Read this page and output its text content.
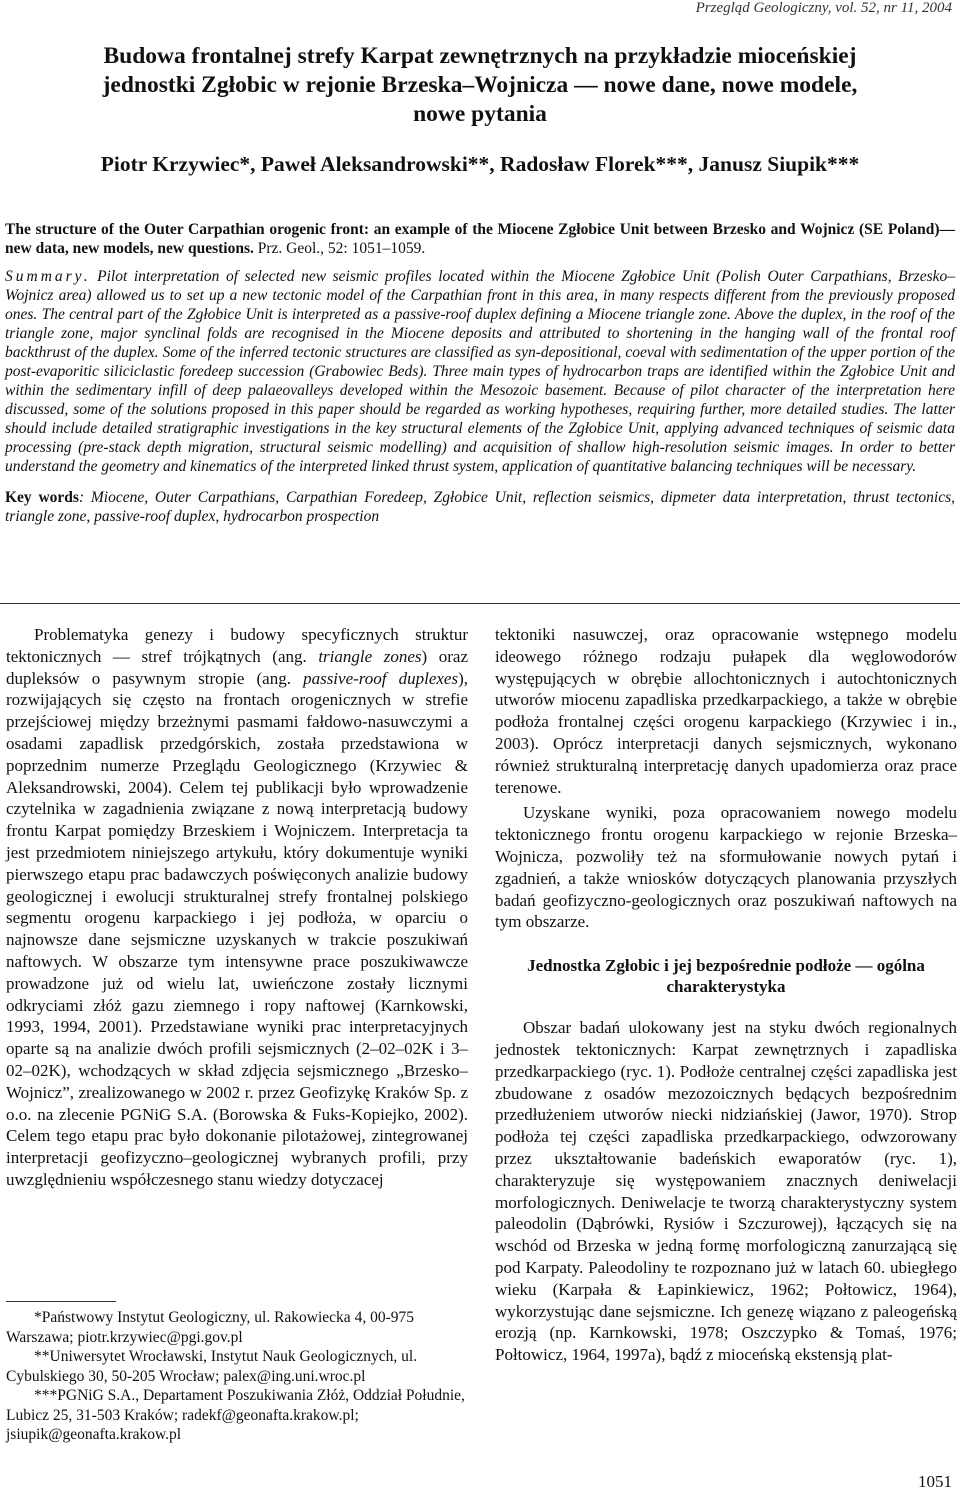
Przegląd Geologiczny, vol. 52, nr 11, 2004
Budowa frontalnej strefy Karpat zewnętrznych na przykładzie mioceńskiej
jednostki Zgłobic w rejonie Brzeska–Wojnicza — nowe dane, nowe modele,
nowe pytania
Piotr Krzywiec*, Paweł Aleksandrowski**, Radosław Florek***, Janusz Siupik***

The structure of the Outer Carpathian orogenic front: an example of the Miocene Zgłobice Unit between Brzesko and Wojnicz (SE Poland)— new data, new models, new questions. Prz. Geol., 52: 1051–1059.

Summary. Pilot interpretation of selected new seismic profiles located within the Miocene Zgłobice Unit (Polish Outer Carpathians, Brzesko–Wojnicz area) allowed us to set up a new tectonic model of the Carpathian front in this area, in many respects different from the previously proposed ones. The central part of the Zgłobice Unit is interpreted as a passive-roof duplex defining a Miocene triangle zone. Above the duplex, in the roof of the triangle zone, major synclinal folds are recognised in the Miocene deposits and attributed to shortening in the hanging wall of the frontal roof backthrust of the duplex. Some of the inferred tectonic structures are classified as syn-depositional, coeval with sedimentation of the upper portion of the post-evaporitic siliciclastic foredeep succession (Grabowiec Beds). Three main types of hydrocarbon traps are identified within the Zgłobice Unit and within the sedimentary infill of deep palaeovalleys developed within the Mesozoic basement. Because of pilot character of the interpretation here discussed, some of the solutions proposed in this paper should be regarded as working hypotheses, requiring further, more detailed studies. The latter should include detailed stratigraphic investigations in the key structural elements of the Zgłobice Unit, applying advanced techniques of seismic data processing (pre-stack depth migration, structural seismic modelling) and acquisition of shallow high-resolution seismic images. In order to better understand the geometry and kinematics of the interpreted linked thrust system, application of quantitative balancing techniques will be necessary.

Key words: Miocene, Outer Carpathians, Carpathian Foredeep, Zgłobice Unit, reflection seismics, dipmeter data interpretation, thrust tectonics, triangle zone, passive-roof duplex, hydrocarbon prospection

Problematyka genezy i budowy specyficznych struktur tektonicznych — stref trójkątnych (ang. triangle zones) oraz dupleksów o pasywnym stropie (ang. passive-roof duplexes), rozwijających się często na frontach orogenicznych w strefie przejściowej między brzeżnymi pasmami fałdowo-nasuwczymi a osadami zapadlisk przedgórskich, została przedstawiona w poprzednim numerze Przeglądu Geologicznego (Krzywiec & Aleksandrowski, 2004). Celem tej publikacji było wprowadzenie czytelnika w zagadnienia związane z nową interpretacją budowy frontu Karpat pomiędzy Brzeskiem i Wojniczem. Interpretacja ta jest przedmiotem niniejszego artykułu, który dokumentuje wyniki pierwszego etapu prac badawczych poświęconych analizie budowy geologicznej i ewolucji strukturalnej strefy frontalnej polskiego segmentu orogenu karpackiego i jej podłoża, w oparciu o najnowsze dane sejsmiczne uzyskanych w trakcie poszukiwań naftowych. W obszarze tym intensywne prace poszukiwawcze prowadzone już od wielu lat, uwieńczone zostały licznymi odkryciami złóż gazu ziemnego i ropy naftowej (Karnkowski, 1993, 1994, 2001). Przedstawiane wyniki prac interpretacyjnych oparte są na analizie dwóch profili sejsmicznych (2–02–02K i 3–02–02K), wchodzących w skład zdjęcia sejsmicznego „Brzesko–Wojnicz”, zrealizowanego w 2002 r. przez Geofizykę Kraków Sp. z o.o. na zlecenie PGNiG S.A. (Borowska & Fuks-Kopiejko, 2002). Celem tego etapu prac było dokonanie pilotażowej, zintegrowanej interpretacji geofizyczno–geologicznej wybranych profili, przy uwzględnieniu współczesnego stanu wiedzy dotyczacej

*Państwowy Instytut Geologiczny, ul. Rakowiecka 4, 00-975 Warszawa; piotr.krzywiec@pgi.gov.pl
**Uniwersytet Wrocławski, Instytut Nauk Geologicznych, ul. Cybulskiego 30, 50-205 Wrocław; palex@ing.uni.wroc.pl
***PGNiG S.A., Departament Poszukiwania Złóż, Oddział Południe, Lubicz 25, 31-503 Kraków; radekf@geonafta.krakow.pl; jsiupik@geonafta.krakow.pl

tektoniki nasuwczej, oraz opracowanie wstępnego modelu ideowego różnego rodzaju pułapek dla węglowodorów występujących w obrębie allochtonicznych i autochtonicznych utworów miocenu zapadliska przedkarpackiego, a także w obrębie podłoża frontalnej części orogenu karpackiego (Krzywiec i in., 2003). Oprócz interpretacji danych sejsmicznych, wykonano również strukturalną interpretację danych upadomierza oraz prace terenowe.

Uzyskane wyniki, poza opracowaniem nowego modelu tektonicznego frontu orogenu karpackiego w rejonie Brzeska–Wojnicza, pozwoliły też na sformułowanie nowych pytań i zgadnień, a także wniosków dotyczących planowania przyszłych badań geofizyczno-geologicznych oraz poszukiwań naftowych na tym obszarze.

Jednostka Zgłobic i jej bezpośrednie podłoże — ogólna charakterystyka

Obszar badań ulokowany jest na styku dwóch regionalnych jednostek tektonicznych: Karpat zewnętrznych i zapadliska przedkarpackiego (ryc. 1). Podłoże centralnej części zapadliska jest zbudowane z osadów mezozoicznych będących bezpośrednim przedłużeniem utworów niecki nidziańskiej (Jawor, 1970). Strop podłoża tej części zapadliska przedkarpackiego, odwzorowany przez ukształtowanie badeńskich ewaporatów (ryc. 1), charakteryzuje się występowaniem znacznych deniwelacji morfologicznych. Deniwelacje te tworzą charakterystyczny system paleodolin (Dąbrówki, Rysiów i Szczurowej), łączących się na wschód od Brzeska w jedną formę morfologiczną zanurzającą się pod Karpaty. Paleodoliny te rozpoznano już w latach 60. ubiegłego wieku (Karpała & Łapinkiewicz, 1962; Połtowicz, 1964), wykorzystując dane sejsmiczne. Ich genezę wiązano z paleogeńską erozją (np. Karnkowski, 1978; Oszczypko & Tomaś, 1976; Połtowicz, 1964, 1997a), bądź z mioceńską ekstensją plat-

1051
